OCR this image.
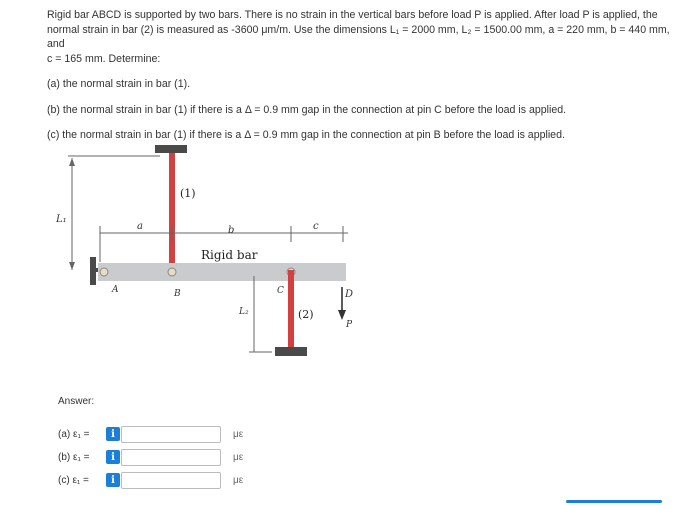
Rigid bar ABCD is supported by two bars. There is no strain in the vertical bars before load P is applied. After load P is applied, the

normal strain in bar (2) is measured as -3600 μm/m. Use the dimensions L₁ = 2000 mm, L₂ = 1500.00 mm, a = 220 mm, b = 440 mm, and

c = 165 mm. Determine:

(a) the normal strain in bar (1).

(b) the normal strain in bar (1) if there is a Δ = 0.9 mm gap in the connection at pin C before the load is applied.

(c) the normal strain in bar (1) if there is a Δ = 0.9 mm gap in the connection at pin B before the load is applied.

(1)
L₁
a	b	c
Rigid bar
A	B	C	D
L₂	(2)
P
Answer:
(a) ε₁ =	i	με
(b) ε₁ =	i	με
(c) ε₁ =	i	με
